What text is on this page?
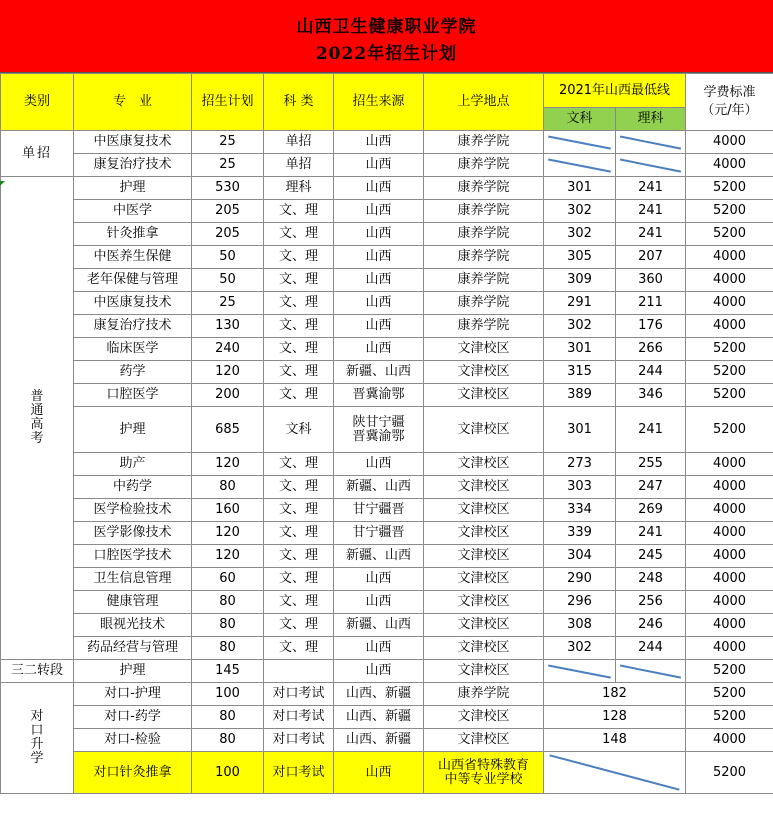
山西卫生健康职业学院
2022年招生计划
类别	专　业	招生计划	科 类	招生来源	上学地点	2021年山西最低线		学费标准
（元/年）

						文科	理科	
单招	中医康复技术	25	单招	山西	康养学院			4000
	康复治疗技术	25	单招	山西	康养学院			4000

普
通
高
考	护理	530	理科	山西	康养学院	301	241	5200
	中医学	205	文、理	山西	康养学院	302	241	5200
	针灸推拿	205	文、理	山西	康养学院	302	241	5200
	中医养生保健	50	文、理	山西	康养学院	305	207	4000
	老年保健与管理	50	文、理	山西	康养学院	309	360	4000
	中医康复技术	25	文、理	山西	康养学院	291	211	4000
	康复治疗技术	130	文、理	山西	康养学院	302	176	4000
	临床医学	240	文、理	山西	文津校区	301	266	5200
	药学	120	文、理	新疆、山西	文津校区	315	244	5200
	口腔医学	200	文、理	晋冀渝鄂	文津校区	389	346	5200
	护理	685	文科	陕甘宁疆
晋冀渝鄂	文津校区	301	241	5200
	助产	120	文、理	山西	文津校区	273	255	4000
	中药学	80	文、理	新疆、山西	文津校区	303	247	4000
	医学检验技术	160	文、理	甘宁疆晋	文津校区	334	269	4000
	医学影像技术	120	文、理	甘宁疆晋	文津校区	339	241	4000
	口腔医学技术	120	文、理	新疆、山西	文津校区	304	245	4000
	卫生信息管理	60	文、理	山西	文津校区	290	248	4000
	健康管理	80	文、理	山西	文津校区	296	256	4000
	眼视光技术	80	文、理	新疆、山西	文津校区	308	246	4000
	药品经营与管理	80	文、理	山西	文津校区	302	244	4000
三二转段	护理	145		山西	文津校区			5200

对
口
升
学	对口-护理	100	对口考试	山西、新疆	康养学院	182		5200
	对口-药学	80	对口考试	山西、新疆	文津校区	128		5200
	对口-检验	80	对口考试	山西、新疆	文津校区	148		4000
	对口针灸推拿	100	对口考试	山西	山西省特殊教育
中等专业学校			5200
